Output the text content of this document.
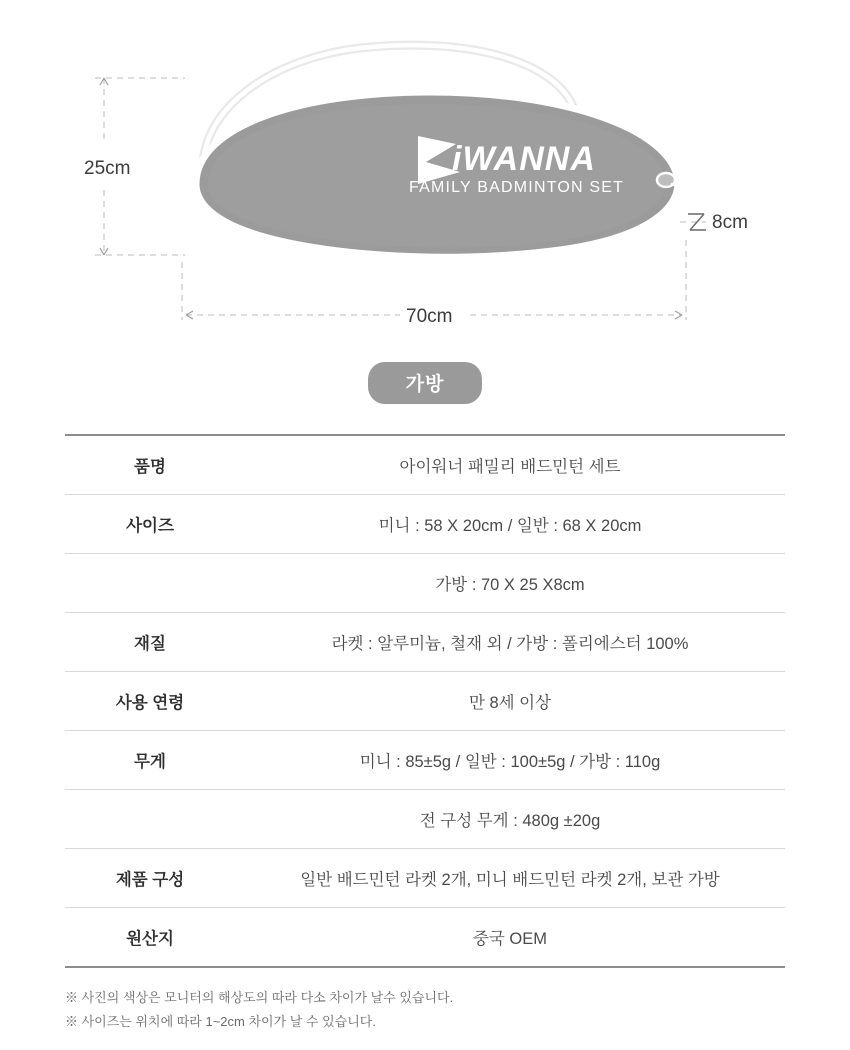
iWANNA
FAMILY BADMINTON SET
25cm
70cm
8cm
가방
품명	아이워너 패밀리 배드민턴 세트
사이즈	미니 : 58 X 20cm / 일반 : 68 X 20cm
	가방 : 70 X 25 X8cm
재질	라켓 : 알루미늄, 철재 외 / 가방 : 폴리에스터 100%
사용 연령	만 8세 이상
무게	미니 : 85±5g / 일반 : 100±5g / 가방 : 110g
	전 구성 무게 : 480g ±20g
제품 구성	일반 배드민턴 라켓 2개, 미니 배드민턴 라켓 2개, 보관 가방
원산지	중국 OEM
※ 사진의 색상은 모니터의 해상도의 따라 다소 차이가 날수 있습니다.
※ 사이즈는 위치에 따라 1~2cm 차이가 날 수 있습니다.
